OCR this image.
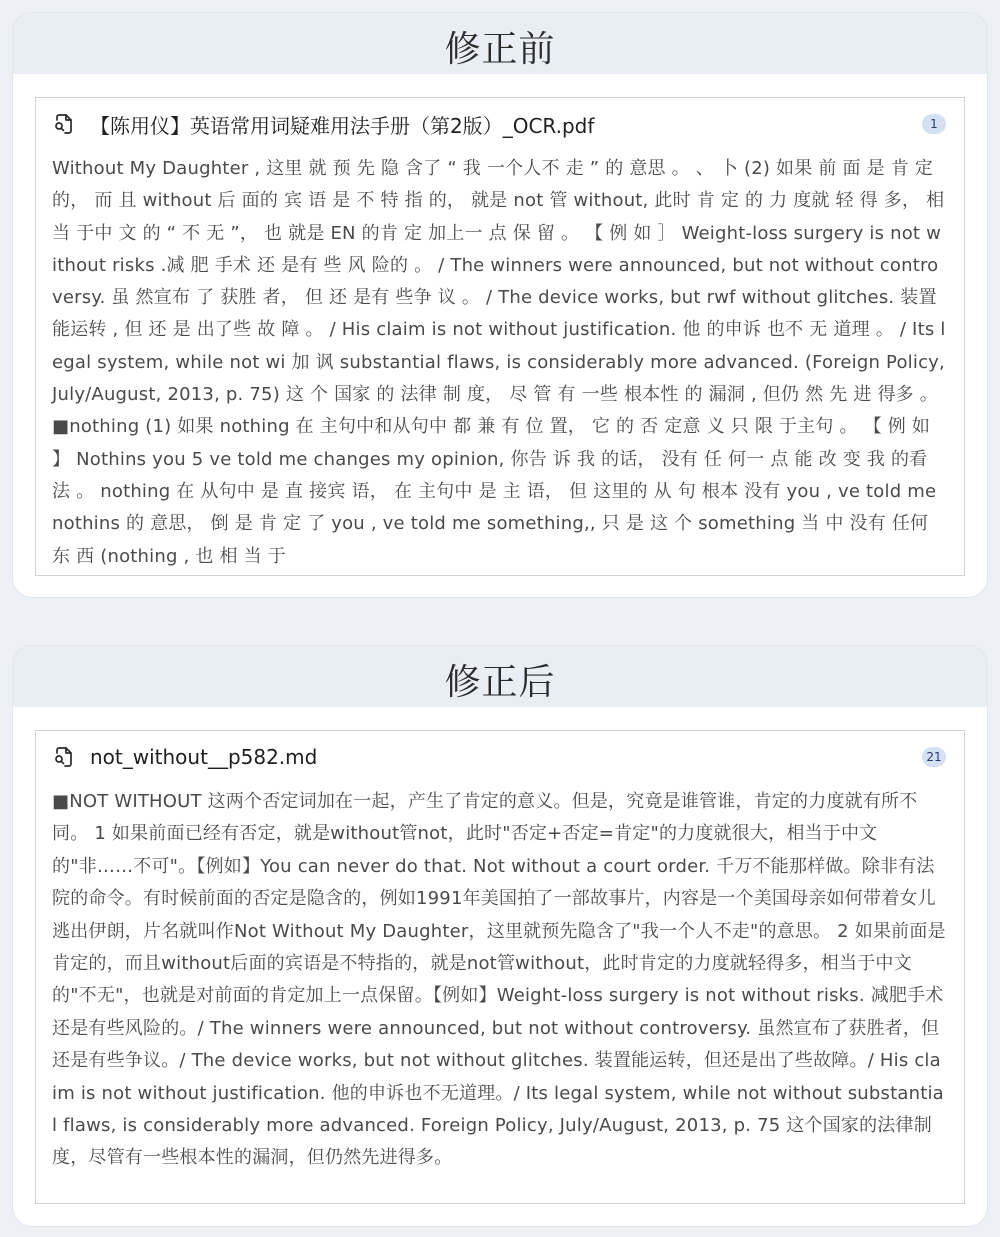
修正前
【陈用仪】英语常用词疑难用法手册（第2版）_OCR.pdf	1
Without My Daughter , 这里 就 预 先 隐 含了 “ 我 一个人不 走 ” 的 意思 。 、 卜 (2) 如果 前 面 是 肯 定 的， 而 且 without 后 面的 宾 语 是 不 特 指 的， 就是 not 管 without, 此时 肯 定 的 力 度就 轻 得 多， 相 当 于中 文 的 “ 不 无 ”， 也 就是 EN 的肯 定 加上一 点 保 留 。 【 例 如 ］ Weight-loss surgery is not without risks .减 肥 手术 还 是有 些 风 险的 。 / The winners were announced, but not without controversy. 虽 然宣布 了 获胜 者， 但 还 是有 些争 议 。 / The device works, but rwf without glitches. 装置能运转 , 但 还 是 出了些 故 障 。 / His claim is not without justification. 他 的申诉 也不 无 道理 。 / Its legal system, while not wi 加 讽 substantial flaws, is considerably more advanced. (Foreign Policy, July/August, 2013, p. 75) 这 个 国家 的 法律 制 度， 尽 管 有 一些 根本性 的 漏洞 , 但仍 然 先 进 得多 。 ■nothing (1) 如果 nothing 在 主句中和从句中 都 兼 有 位 置， 它 的 否 定意 义 只 限 于主句 。 【 例 如 】 Nothins you 5 ve told me changes my opinion, 你告 诉 我 的话， 没有 任 何一 点 能 改 变 我 的看 法 。 nothing 在 从句中 是 直 接宾 语， 在 主句中 是 主 语， 但 这里的 从 句 根本 没有 you , ve told me nothins 的 意思， 倒 是 肯 定 了 you , ve told me something,, 只 是 这 个 something 当 中 没有 任何东 西 (nothing , 也 相 当 于
修正后
not_without__p582.md	21
■NOT WITHOUT 这两个否定词加在一起，产生了肯定的意义。但是，究竟是谁管谁，肯定的力度就有所不同。 1 如果前面已经有否定，就是without管not，此时"否定+否定=肯定"的力度就很大，相当于中文的"非……不可"。【例如】You can never do that. Not without a court order. 千万不能那样做。除非有法院的命令。有时候前面的否定是隐含的，例如1991年美国拍了一部故事片，内容是一个美国母亲如何带着女儿逃出伊朗，片名就叫作Not Without My Daughter，这里就预先隐含了"我一个人不走"的意思。 2 如果前面是肯定的，而且without后面的宾语是不特指的，就是not管without，此时肯定的力度就轻得多，相当于中文的"不无"，也就是对前面的肯定加上一点保留。【例如】Weight-loss surgery is not without risks. 减肥手术还是有些风险的。/ The winners were announced, but not without controversy. 虽然宣布了获胜者，但还是有些争议。/ The device works, but not without glitches. 装置能运转，但还是出了些故障。/ His claim is not without justification. 他的申诉也不无道理。/ Its legal system, while not without substantial flaws, is considerably more advanced. Foreign Policy, July/August, 2013, p. 75 这个国家的法律制度，尽管有一些根本性的漏洞，但仍然先进得多。
